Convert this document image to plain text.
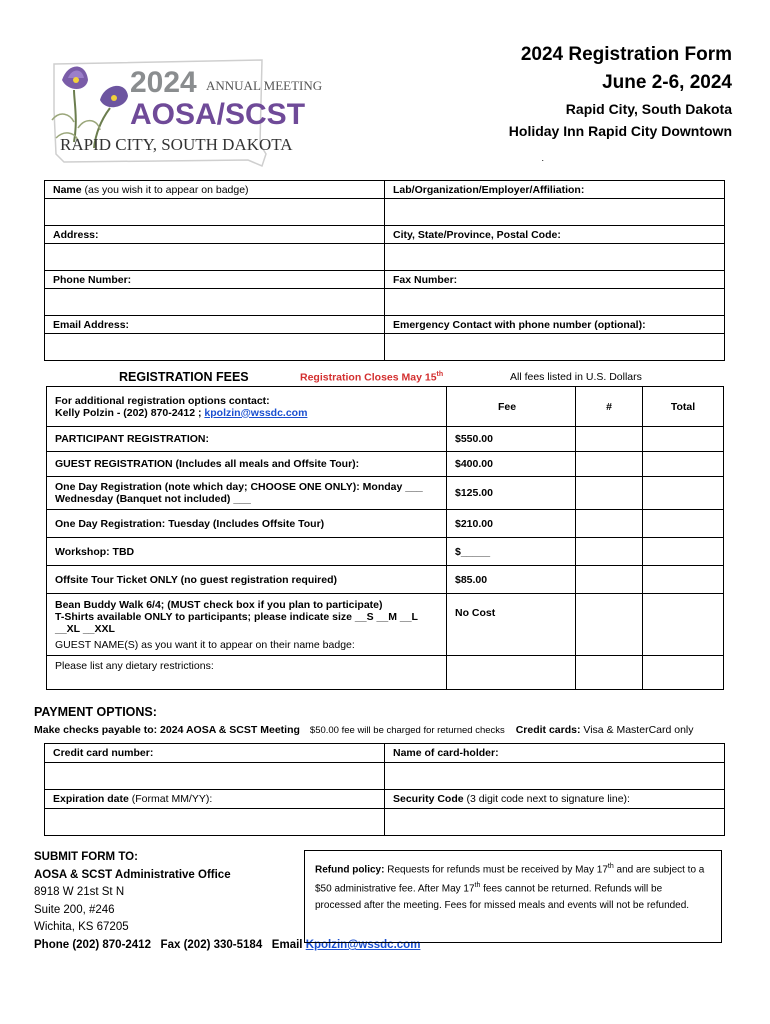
2024 ANNUAL MEETING
AOSA/SCST
RAPID CITY, SOUTH DAKOTA
2024 Registration Form
June 2-6, 2024
Rapid City, South Dakota
Holiday Inn Rapid City Downtown
.
Name (as you wish it to appear on badge)	Lab/Organization/Employer/Affiliation:

Address:	City, State/Province, Postal Code:

Phone Number:	Fax Number:

Email Address:	Emergency Contact with phone number (optional):

REGISTRATION FEES	Registration Closes May 15th	All fees listed in U.S. Dollars
For additional registration options contact:
Kelly Polzin - (202) 870-2412 ; kpolzin@wssdc.com	Fee	#	Total
PARTICIPANT REGISTRATION:	$550.00		
GUEST REGISTRATION (Includes all meals and Offsite Tour):	$400.00		

One Day Registration (note which day; CHOOSE ONE ONLY): Monday ___
Wednesday (Banquet not included) ___	$125.00		
One Day Registration: Tuesday (Includes Offsite Tour)	$210.00		
Workshop: TBD	$_____		
Offsite Tour Ticket ONLY (no guest registration required)	$85.00		

Bean Buddy Walk 6/4; (MUST check box if you plan to participate)
T-Shirts available ONLY to participants; please indicate size __S __M __L __XL __XXL
GUEST NAME(S) as you want it to appear on their name badge:	No Cost		
Please list any dietary restrictions:			
PAYMENT OPTIONS:
Make checks payable to: 2024 AOSA & SCST Meeting $50.00 fee will be charged for returned checks Credit cards: Visa & MasterCard only
Credit card number:	Name of card-holder:

Expiration date (Format MM/YY):	Security Code (3 digit code next to signature line):

SUBMIT FORM TO:
AOSA & SCST Administrative Office
8918 W 21st St N
Suite 200, #246
Wichita, KS 67205
Phone (202) 870-2412   Fax (202) 330-5184   Email Kpolzin@wssdc.com
Refund policy: Requests for refunds must be received by May 17th and are subject to a $50 administrative fee. After May 17th fees cannot be returned. Refunds will be processed after the meeting. Fees for missed meals and events will not be refunded.
